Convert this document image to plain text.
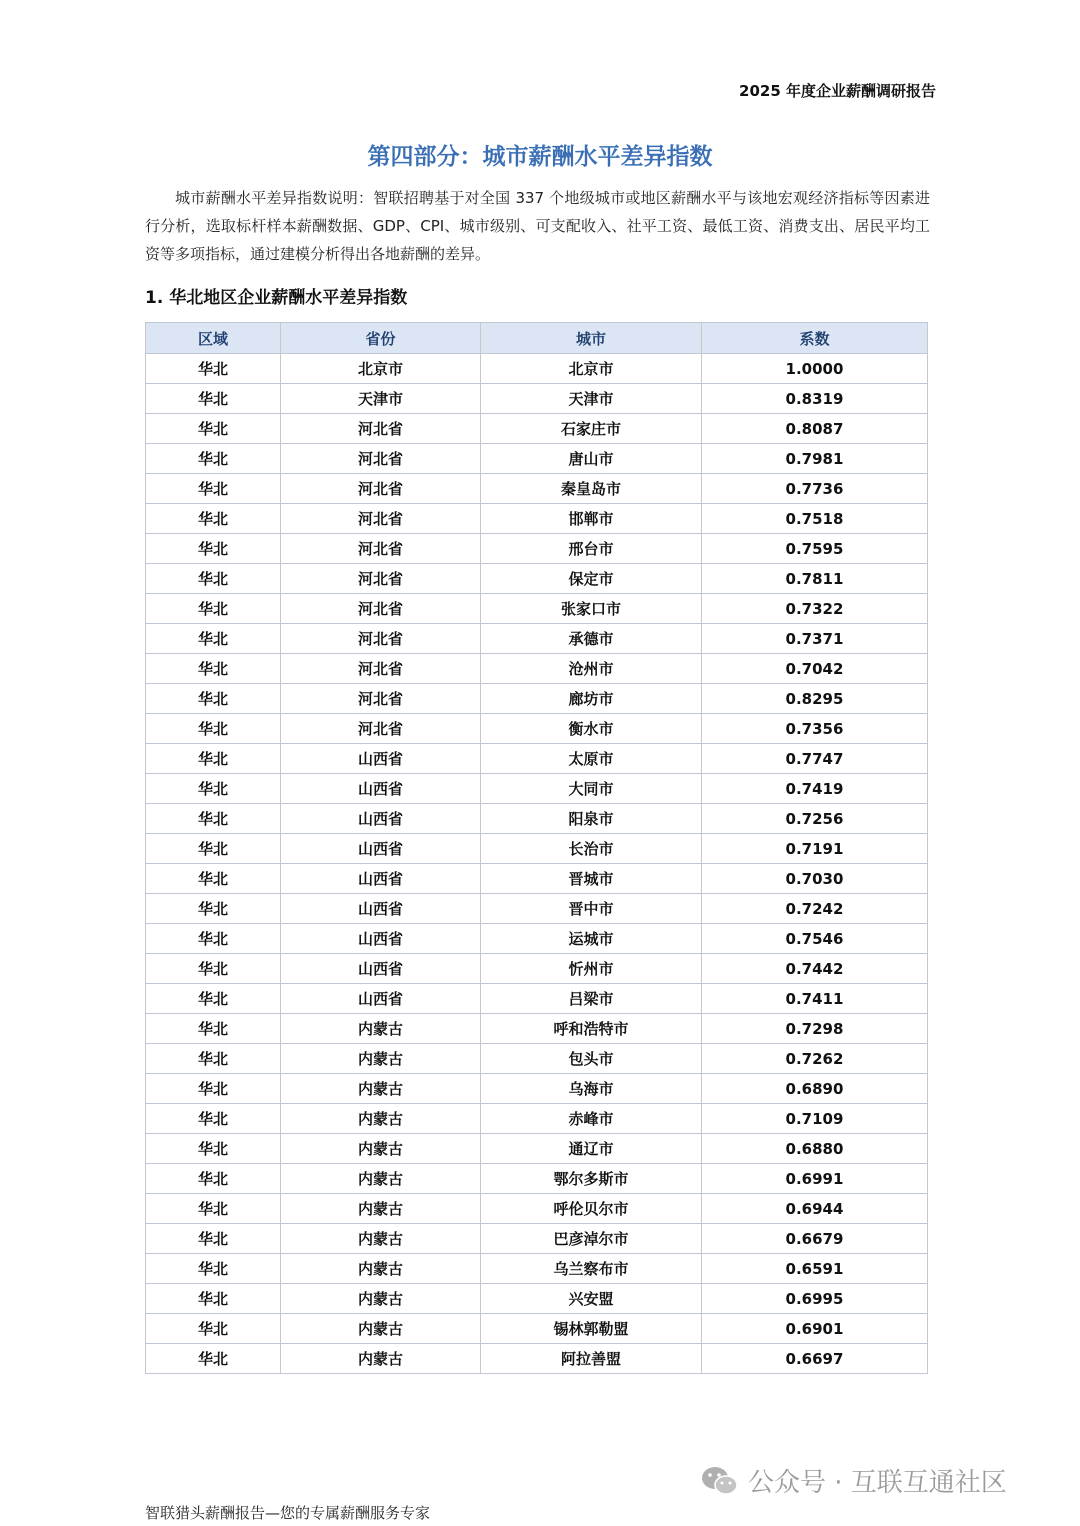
2025 年度企业薪酬调研报告
第四部分：城市薪酬水平差异指数
城市薪酬水平差异指数说明：智联招聘基于对全国 337 个地级城市或地区薪酬水平与该地宏观经济指标等因素进行分析，选取标杆样本薪酬数据、GDP、CPI、城市级别、可支配收入、社平工资、最低工资、消费支出、居民平均工资等多项指标，通过建模分析得出各地薪酬的差异。
1. 华北地区企业薪酬水平差异指数
区域	省份	城市	系数
华北	北京市	北京市	1.0000
华北	天津市	天津市	0.8319
华北	河北省	石家庄市	0.8087
华北	河北省	唐山市	0.7981
华北	河北省	秦皇岛市	0.7736
华北	河北省	邯郸市	0.7518
华北	河北省	邢台市	0.7595
华北	河北省	保定市	0.7811
华北	河北省	张家口市	0.7322
华北	河北省	承德市	0.7371
华北	河北省	沧州市	0.7042
华北	河北省	廊坊市	0.8295
华北	河北省	衡水市	0.7356
华北	山西省	太原市	0.7747
华北	山西省	大同市	0.7419
华北	山西省	阳泉市	0.7256
华北	山西省	长治市	0.7191
华北	山西省	晋城市	0.7030
华北	山西省	晋中市	0.7242
华北	山西省	运城市	0.7546
华北	山西省	忻州市	0.7442
华北	山西省	吕梁市	0.7411
华北	内蒙古	呼和浩特市	0.7298
华北	内蒙古	包头市	0.7262
华北	内蒙古	乌海市	0.6890
华北	内蒙古	赤峰市	0.7109
华北	内蒙古	通辽市	0.6880
华北	内蒙古	鄂尔多斯市	0.6991
华北	内蒙古	呼伦贝尔市	0.6944
华北	内蒙古	巴彦淖尔市	0.6679
华北	内蒙古	乌兰察布市	0.6591
华北	内蒙古	兴安盟	0.6995
华北	内蒙古	锡林郭勒盟	0.6901
华北	内蒙古	阿拉善盟	0.6697
公众号 · 互联互通社区
智联猎头薪酬报告—您的专属薪酬服务专家
